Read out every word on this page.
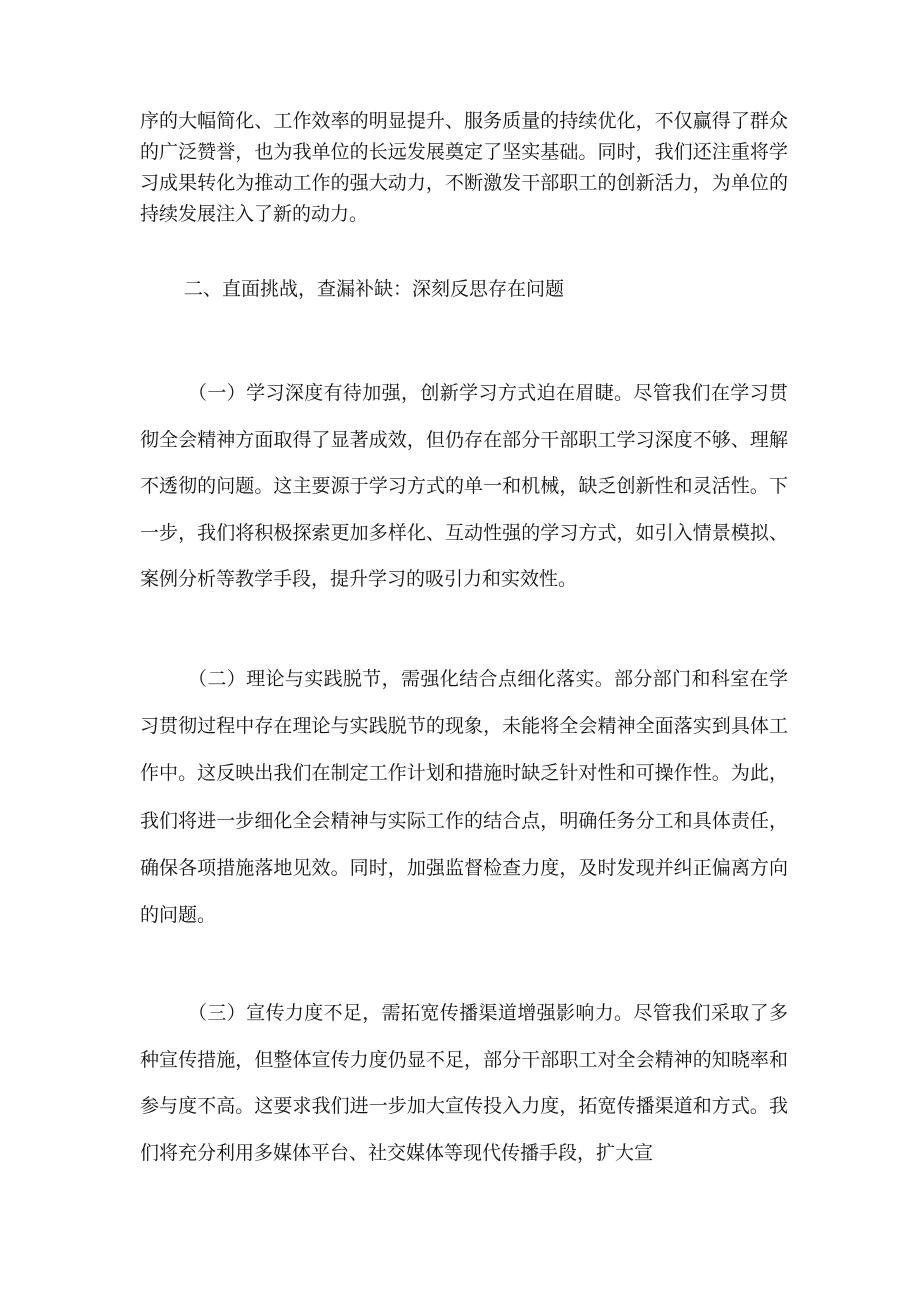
序的大幅简化、工作效率的明显提升、服务质量的持续优化，不仅赢得了群众的广泛赞誉，也为我单位的长远发展奠定了坚实基础。同时，我们还注重将学习成果转化为推动工作的强大动力，不断激发干部职工的创新活力，为单位的持续发展注入了新的动力。

二、直面挑战，查漏补缺：深刻反思存在问题

（一）学习深度有待加强，创新学习方式迫在眉睫。尽管我们在学习贯彻全会精神方面取得了显著成效，但仍存在部分干部职工学习深度不够、理解不透彻的问题。这主要源于学习方式的单一和机械，缺乏创新性和灵活性。下一步，我们将积极探索更加多样化、互动性强的学习方式，如引入情景模拟、案例分析等教学手段，提升学习的吸引力和实效性。

（二）理论与实践脱节，需强化结合点细化落实。部分部门和科室在学习贯彻过程中存在理论与实践脱节的现象，未能将全会精神全面落实到具体工作中。这反映出我们在制定工作计划和措施时缺乏针对性和可操作性。为此，我们将进一步细化全会精神与实际工作的结合点，明确任务分工和具体责任，确保各项措施落地见效。同时，加强监督检查力度，及时发现并纠正偏离方向的问题。

（三）宣传力度不足，需拓宽传播渠道增强影响力。尽管我们采取了多种宣传措施，但整体宣传力度仍显不足，部分干部职工对全会精神的知晓率和参与度不高。这要求我们进一步加大宣传投入力度，拓宽传播渠道和方式。我们将充分利用多媒体平台、社交媒体等现代传播手段，扩大宣
